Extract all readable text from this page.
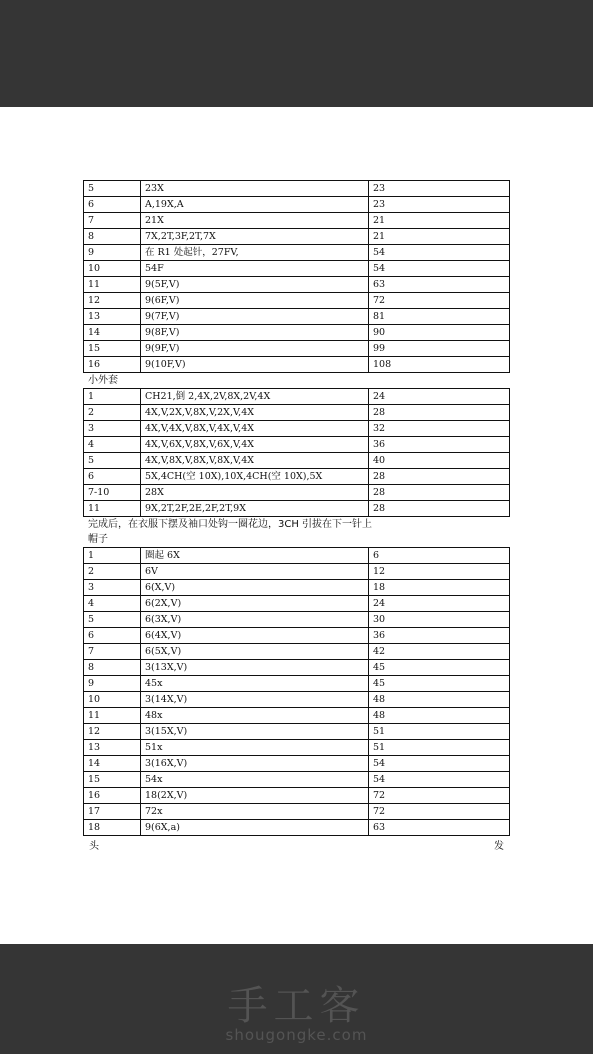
5	23X	23
6	A,19X,A	23
7	21X	21
8	7X,2T,3F,2T,7X	21
9	在 R1 处起针，27FV,	54
10	54F	54
11	9(5F,V)	63
12	9(6F,V)	72
13	9(7F,V)	81
14	9(8F,V)	90
15	9(9F,V)	99
16	9(10F,V)	108
小外套
1	CH21,倒 2,4X,2V,8X,2V,4X	24
2	4X,V,2X,V,8X,V,2X,V,4X	28
3	4X,V,4X,V,8X,V,4X,V,4X	32
4	4X,V,6X,V,8X,V,6X,V,4X	36
5	4X,V,8X,V,8X,V,8X,V,4X	40
6	5X,4CH(空 10X),10X,4CH(空 10X),5X	28
7-10	28X	28
11	9X,2T,2F,2E,2F,2T,9X	28
完成后，在衣服下摆及袖口处钩一圈花边，3CH 引拔在下一针上
帽子
1	圈起 6X	6
2	6V	12
3	6(X,V)	18
4	6(2X,V)	24
5	6(3X,V)	30
6	6(4X,V)	36
7	6(5X,V)	42
8	3(13X,V)	45
9	45x	45
10	3(14X,V)	48
11	48x	48
12	3(15X,V)	51
13	51x	51
14	3(16X,V)	54
15	54x	54
16	18(2X,V)	72
17	72x	72
18	9(6X,a)	63
头	发
手工客
shougongke.com
